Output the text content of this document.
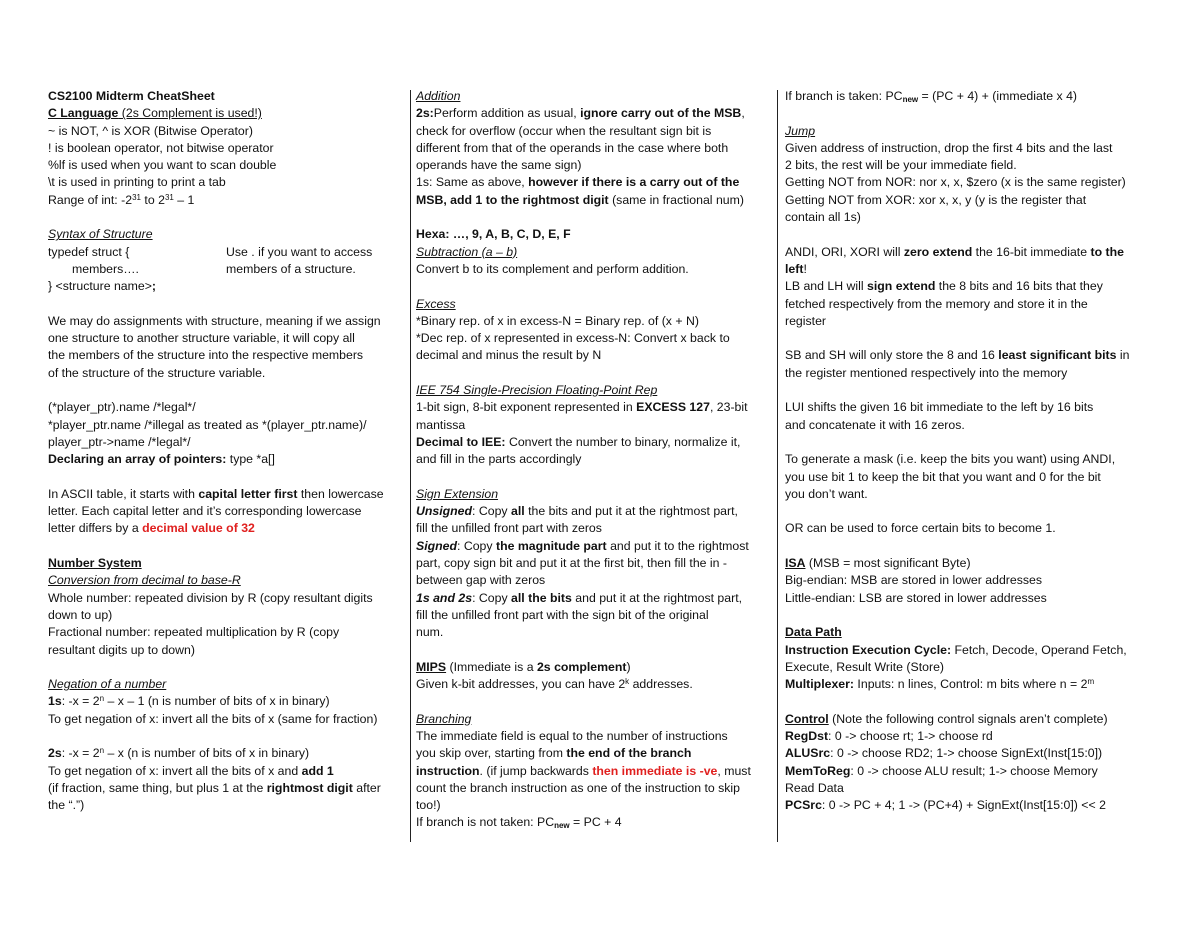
CS2100 Midterm CheatSheet
C Language (2s Complement is used!)
~ is NOT, ^ is XOR (Bitwise Operator)
! is boolean operator, not bitwise operator
%lf is used when you want to scan double
\t is used in printing to print a tab
Range of int: $-2^{31}$ to $2^{31} - 1$
Syntax of Structure
typedef struct {	Use . if you want to access
members….	members of a structure.
} <structure name>;
We may do assignments with structure, meaning if we assign
one structure to another structure variable, it will copy all
the members of the structure into the respective members
of the structure of the structure variable.
(*player_ptr).name /*legal*/
*player_ptr.name /*illegal as treated as *(player_ptr.name)/
player_ptr->name /*legal*/
Declaring an array of pointers: type *a[]
In ASCII table, it starts with capital letter first then lowercase
letter. Each capital letter and it’s corresponding lowercase
letter differs by a decimal value of 32
Number System
Conversion from decimal to base-R
Whole number: repeated division by R (copy resultant digits
down to up)
Fractional number: repeated multiplication by R (copy
resultant digits up to down)
Negation of a number
1s: $-x = 2^n - x - 1$ (n is number of bits of x in binary)
To get negation of x: invert all the bits of x (same for fraction)
2s: $-x = 2^n - x$ (n is number of bits of x in binary)
To get negation of x: invert all the bits of x and add 1
(if fraction, same thing, but plus 1 at the rightmost digit after
the “.”)
Addition
2s:Perform addition as usual, ignore carry out of the MSB,
check for overflow (occur when the resultant sign bit is
different from that of the operands in the case where both
operands have the same sign)
1s: Same as above, however if there is a carry out of the
MSB, add 1 to the rightmost digit (same in fractional num)
Hexa: …, 9, A, B, C, D, E, F
Subtraction (a – b)
Convert b to its complement and perform addition.
Excess
*Binary rep. of x in excess-N = Binary rep. of (x + N)
*Dec rep. of x represented in excess-N: Convert x back to
decimal and minus the result by N
IEE 754 Single-Precision Floating-Point Rep
1-bit sign, 8-bit exponent represented in EXCESS 127, 23-bit
mantissa
Decimal to IEE: Convert the number to binary, normalize it,
and fill in the parts accordingly
Sign Extension
Unsigned: Copy all the bits and put it at the rightmost part,
fill the unfilled front part with zeros
Signed: Copy the magnitude part and put it to the rightmost
part, copy sign bit and put it at the first bit, then fill the in -
between gap with zeros
1s and 2s: Copy all the bits and put it at the rightmost part,
fill the unfilled front part with the sign bit of the original
num.
MIPS (Immediate is a 2s complement)
Given k-bit addresses, you can have 2$^k$ addresses.
Branching
The immediate field is equal to the number of instructions
you skip over, starting from the end of the branch
instruction. (if jump backwards then immediate is -ve, must
count the branch instruction as one of the instruction to skip
too!)
If branch is not taken: $PC_{new}$ = PC + 4
If branch is taken: $PC_{new} = (PC + 4)$ + (immediate x 4)
Jump
Given address of instruction, drop the first 4 bits and the last
2 bits, the rest will be your immediate field.
Getting NOT from NOR: nor x, x, $zero (x is the same register)
Getting NOT from XOR: xor x, x, y (y is the register that
contain all 1s)
ANDI, ORI, XORI will zero extend the 16-bit immediate to the
left!
LB and LH will sign extend the 8 bits and 16 bits that they
fetched respectively from the memory and store it in the
register
SB and SH will only store the 8 and 16 least significant bits in
the register mentioned respectively into the memory
LUI shifts the given 16 bit immediate to the left by 16 bits
and concatenate it with 16 zeros.
To generate a mask (i.e. keep the bits you want) using ANDI,
you use bit 1 to keep the bit that you want and 0 for the bit
you don’t want.
OR can be used to force certain bits to become 1.
ISA (MSB = most significant Byte)
Big-endian: MSB are stored in lower addresses
Little-endian: LSB are stored in lower addresses
Data Path
Instruction Execution Cycle: Fetch, Decode, Operand Fetch,
Execute, Result Write (Store)
Multiplexer: Inputs: n lines, Control: m bits where $n = 2^m$
Control (Note the following control signals aren’t complete)
RegDst: 0 -> choose rt; 1-> choose rd
ALUSrc: 0 -> choose RD2; 1-> choose SignExt(Inst[15:0])
MemToReg: 0 -> choose ALU result; 1-> choose Memory
Read Data
PCSrc: 0 -> PC + 4; 1 -> (PC+4) + SignExt(Inst[15:0]) << 2
